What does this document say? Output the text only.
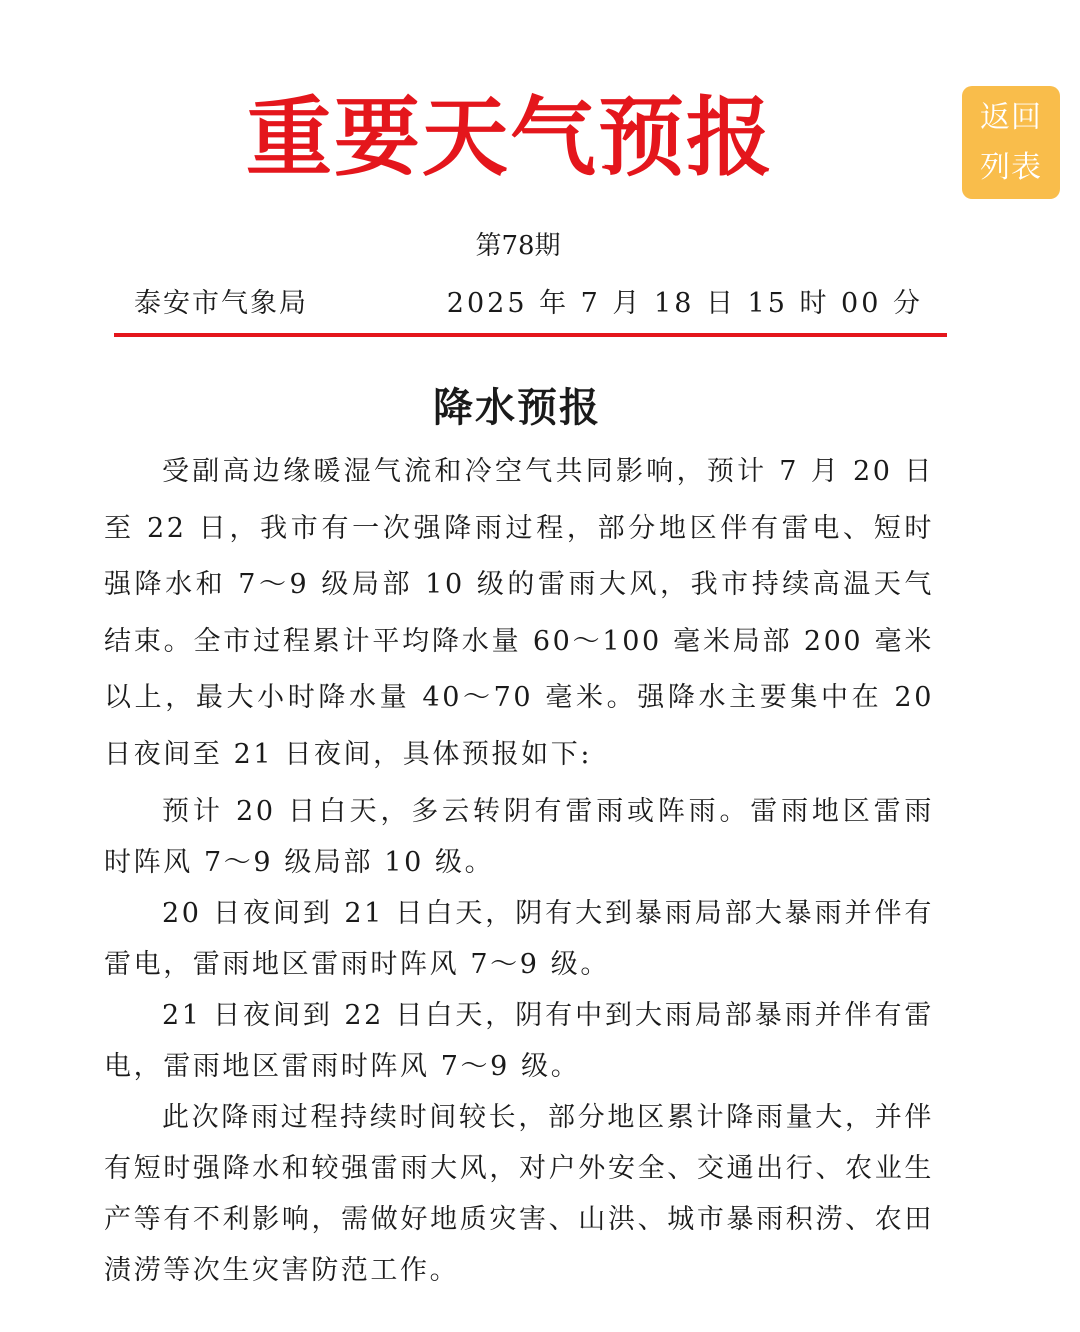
重要天气预报
第78期
泰安市气象局	2025 年 7 月 18 日 15 时 00 分
降水预报

受副高边缘暖湿气流和冷空气共同影响，预计 7 月 20 日至 22 日，我市有一次强降雨过程，部分地区伴有雷电、短时强降水和 7～9 级局部 10 级的雷雨大风，我市持续高温天气结束。全市过程累计平均降水量 60～100 毫米局部 200 毫米以上，最大小时降水量 40～70 毫米。强降水主要集中在 20 日夜间至 21 日夜间，具体预报如下:

预计 20 日白天，多云转阴有雷雨或阵雨。雷雨地区雷雨时阵风 7～9 级局部 10 级。

20 日夜间到 21 日白天，阴有大到暴雨局部大暴雨并伴有雷电，雷雨地区雷雨时阵风 7～9 级。

21 日夜间到 22 日白天，阴有中到大雨局部暴雨并伴有雷电，雷雨地区雷雨时阵风 7～9 级。

此次降雨过程持续时间较长，部分地区累计降雨量大，并伴有短时强降水和较强雷雨大风，对户外安全、交通出行、农业生产等有不利影响，需做好地质灾害、山洪、城市暴雨积涝、农田渍涝等次生灾害防范工作。

返回
列表
